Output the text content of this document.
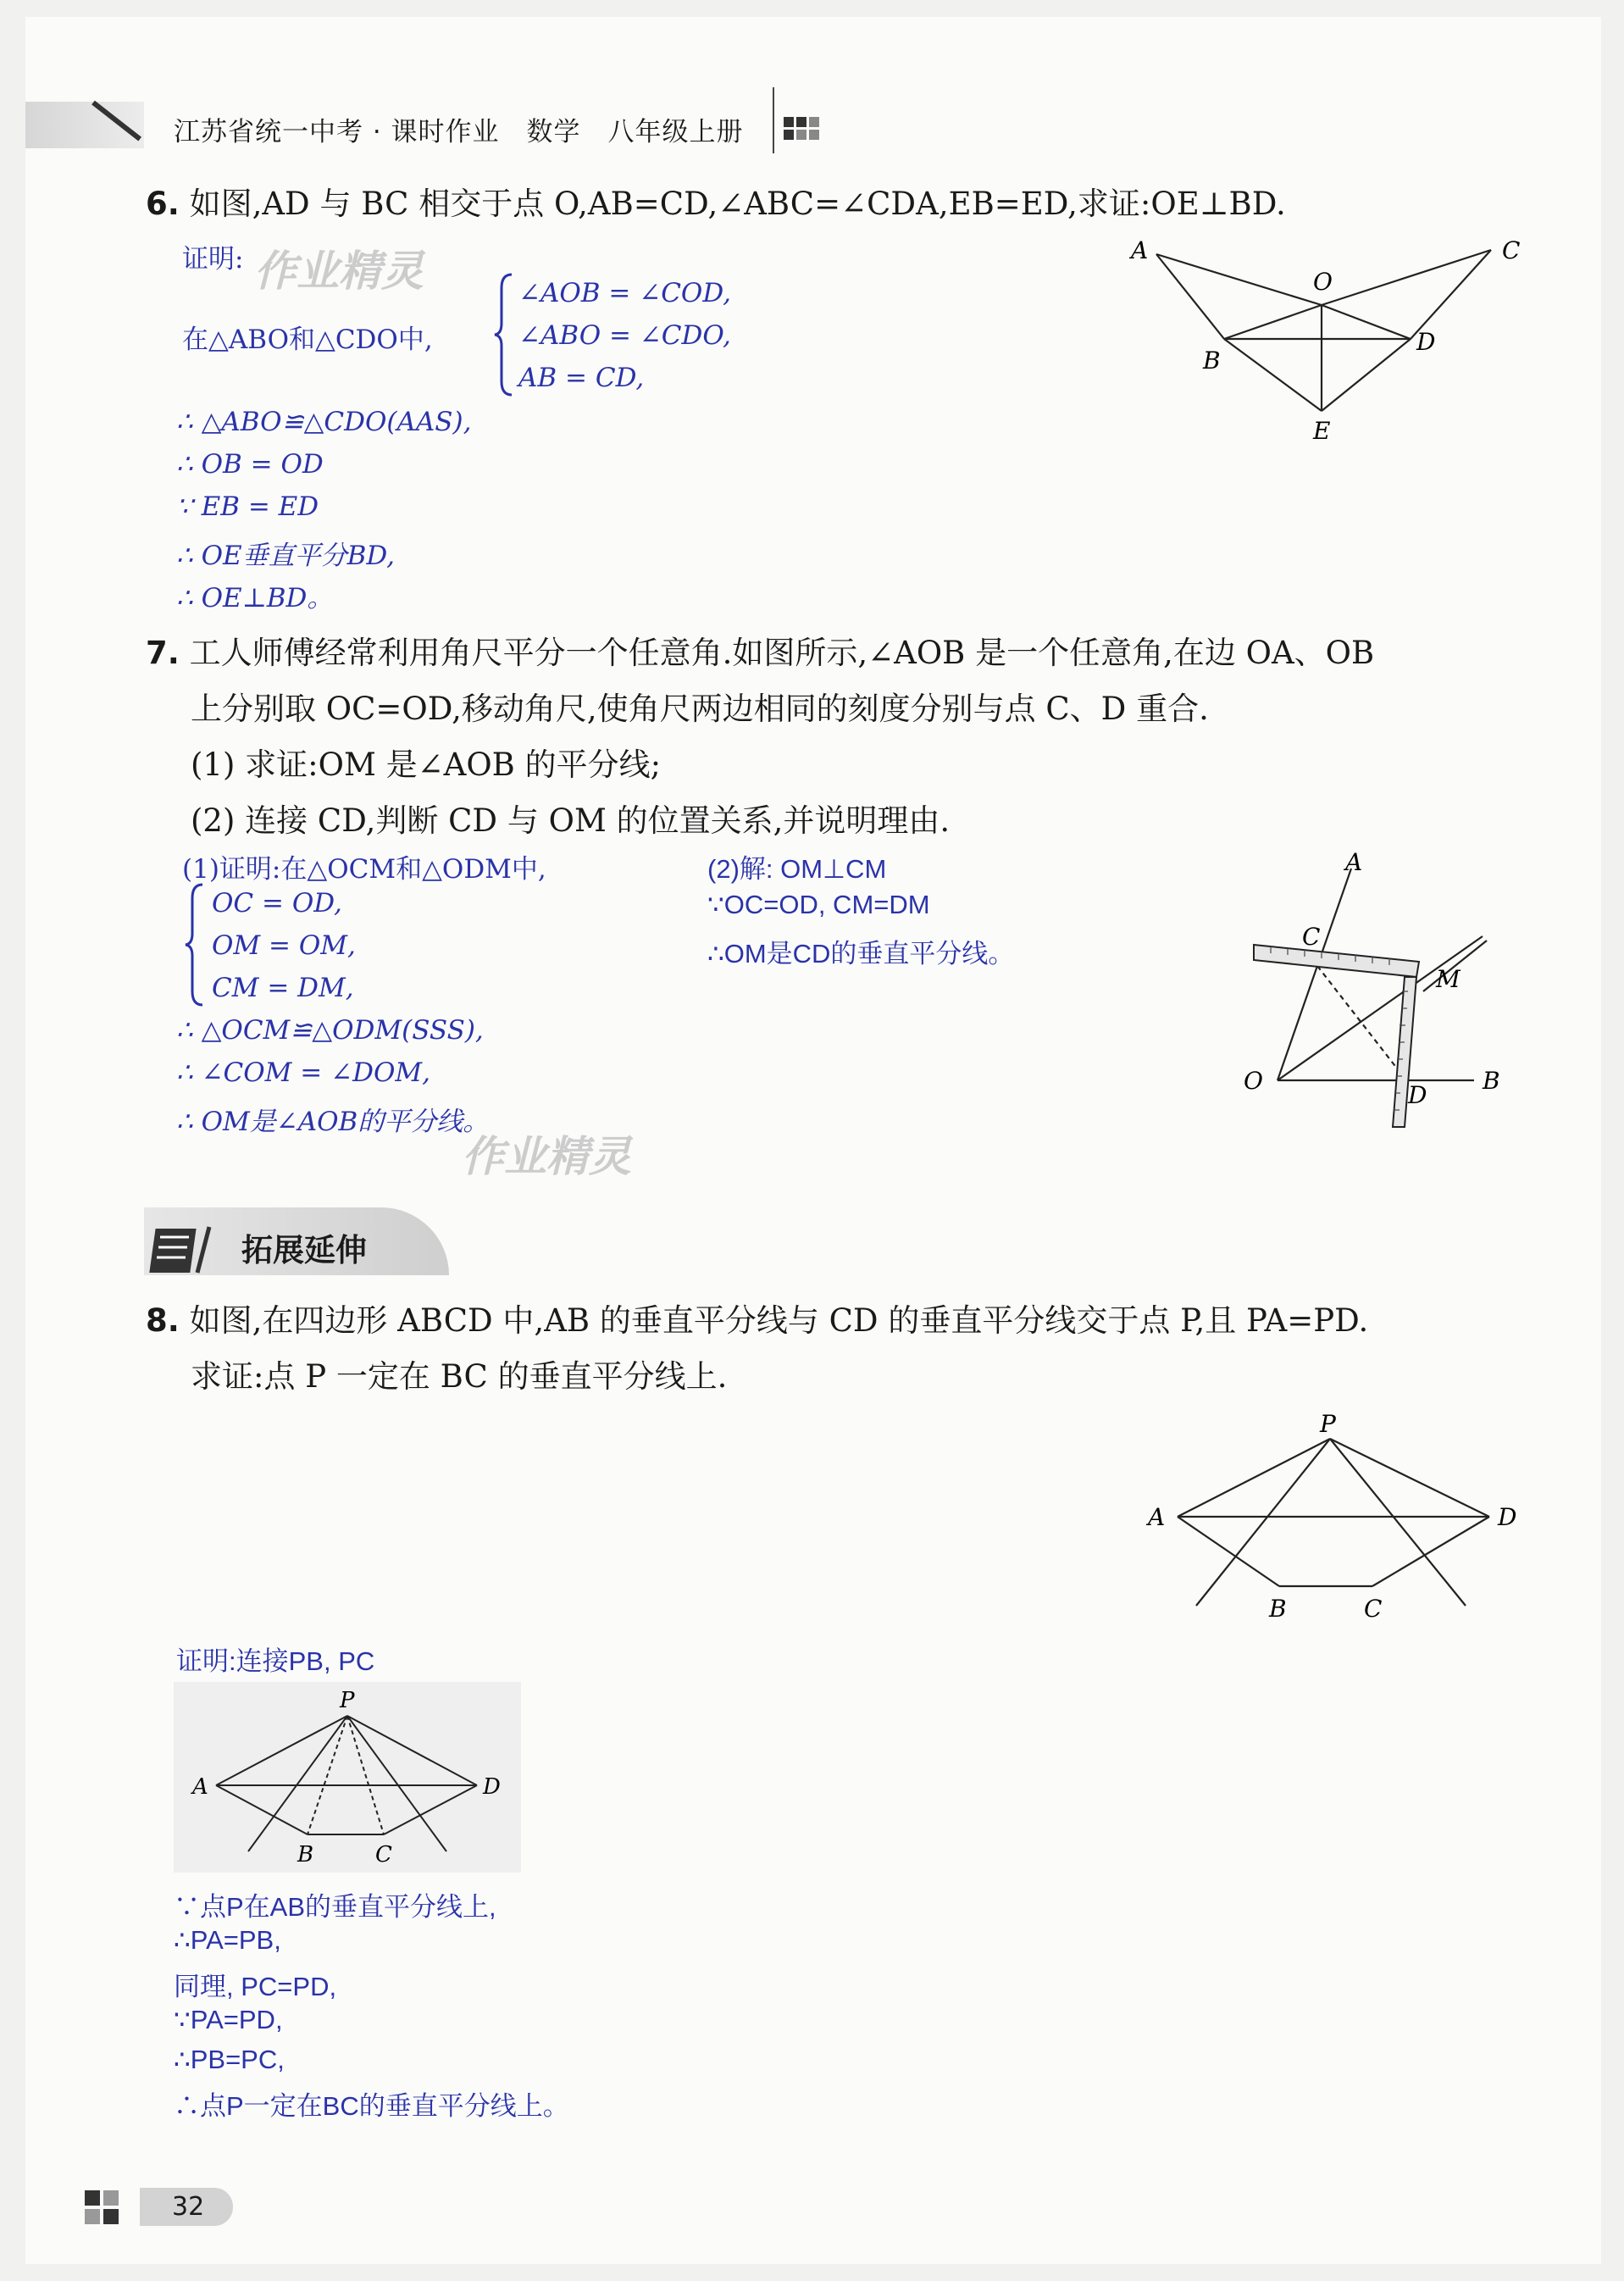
江苏省统一中考 · 课时作业　数学　八年级上册
6. 如图,AD 与 BC 相交于点 O,AB=CD,∠ABC=∠CDA,EB=ED,求证:OE⊥BD.
证明: 作业精灵
在△ABO和△CDO中,
∠AOB = ∠COD,
∠ABO = ∠CDO,
AB = CD,
∴ △ABO≌△CDO(AAS),
∴ OB = OD
∵ EB = ED
∴ OE垂直平分BD,
∴ OE⊥BD。
A	C
O
B
D
E
7. 工人师傅经常利用角尺平分一个任意角.如图所示,∠AOB 是一个任意角,在边 OA、OB
上分别取 OC=OD,移动角尺,使角尺两边相同的刻度分别与点 C、D 重合.
(1) 求证:OM 是∠AOB 的平分线;
(2) 连接 CD,判断 CD 与 OM 的位置关系,并说明理由.
(1)证明:在△OCM和△ODM中,
OC = OD,
OM = OM,
CM = DM,
∴ △OCM≌△ODM(SSS),
∴ ∠COM = ∠DOM,
∴ OM是∠AOB的平分线。
作业精灵
(2)解: OM⊥CM
∵OC=OD, CM=DM
∴OM是CD的垂直平分线。
A
C
M
O
D
B
拓展延伸
8. 如图,在四边形 ABCD 中,AB 的垂直平分线与 CD 的垂直平分线交于点 P,且 PA=PD.
求证:点 P 一定在 BC 的垂直平分线上.
P
A	D
B	C
证明:连接PB, PC
P
A	D
B	C
∵点P在AB的垂直平分线上,
∴PA=PB,
同理, PC=PD,
∵PA=PD,
∴PB=PC,
∴点P一定在BC的垂直平分线上。
32
